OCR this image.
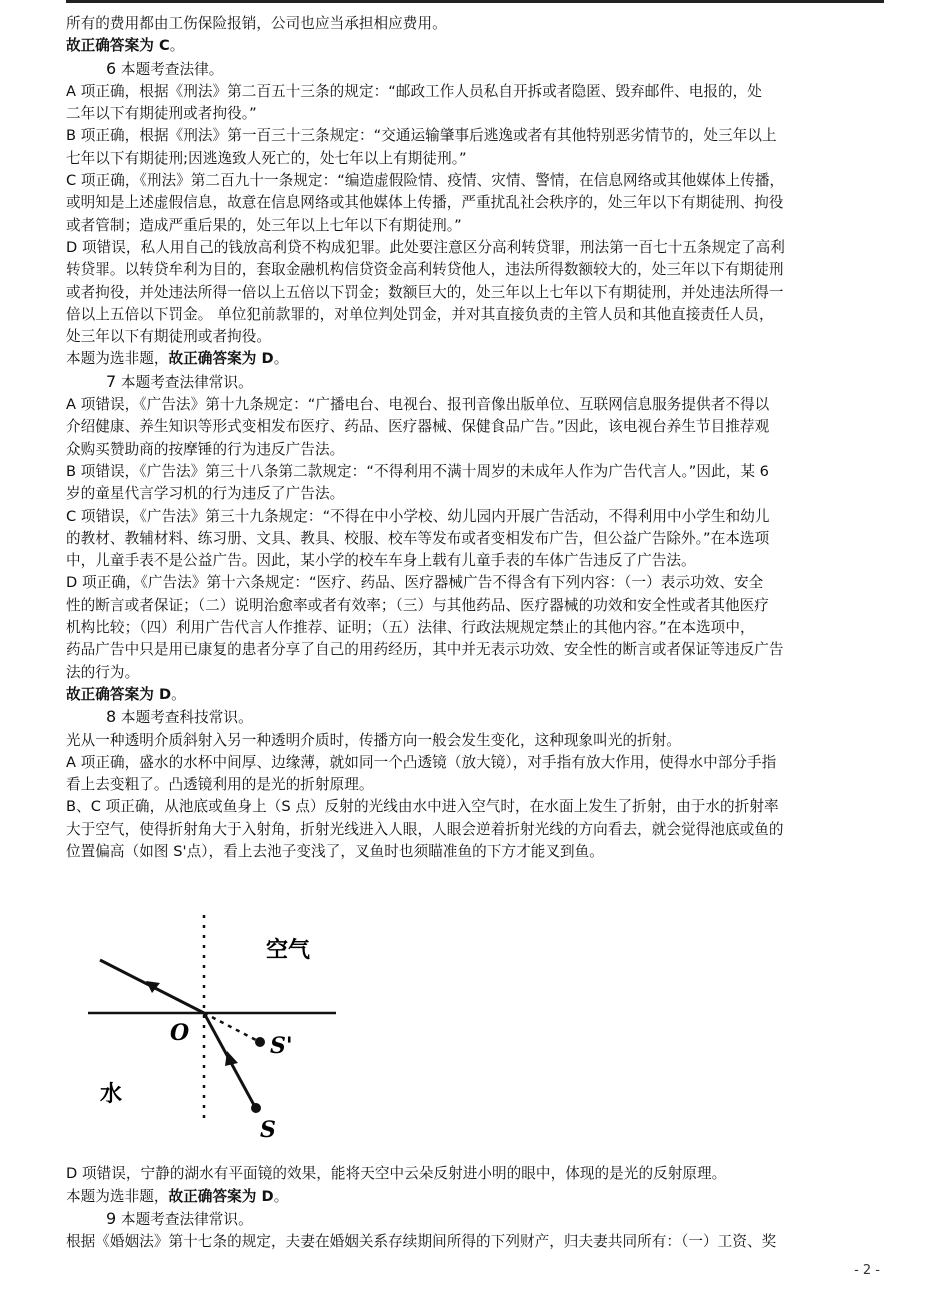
所有的费用都由工伤保险报销，公司也应当承担相应费用。

故正确答案为 C。

6 本题考查法律。

A 项正确，根据《刑法》第二百五十三条的规定：“邮政工作人员私自开拆或者隐匿、毁弃邮件、电报的，处

二年以下有期徒刑或者拘役。”

B 项正确，根据《刑法》第一百三十三条规定：“交通运输肇事后逃逸或者有其他特别恶劣情节的，处三年以上

七年以下有期徒刑;因逃逸致人死亡的，处七年以上有期徒刑。”

C 项正确，《刑法》第二百九十一条规定：“编造虚假险情、疫情、灾情、警情，在信息网络或其他媒体上传播，

或明知是上述虚假信息，故意在信息网络或其他媒体上传播，严重扰乱社会秩序的，处三年以下有期徒刑、拘役

或者管制；造成严重后果的，处三年以上七年以下有期徒刑。”

D 项错误，私人用自己的钱放高利贷不构成犯罪。此处要注意区分高利转贷罪，刑法第一百七十五条规定了高利

转贷罪。以转贷牟利为目的，套取金融机构信贷资金高利转贷他人，违法所得数额较大的，处三年以下有期徒刑

或者拘役，并处违法所得一倍以上五倍以下罚金；数额巨大的，处三年以上七年以下有期徒刑，并处违法所得一

倍以上五倍以下罚金。 单位犯前款罪的，对单位判处罚金，并对其直接负责的主管人员和其他直接责任人员，

处三年以下有期徒刑或者拘役。

本题为选非题，故正确答案为 D。

7 本题考查法律常识。

A 项错误，《广告法》第十九条规定：“广播电台、电视台、报刊音像出版单位、互联网信息服务提供者不得以

介绍健康、养生知识等形式变相发布医疗、药品、医疗器械、保健食品广告。”因此，该电视台养生节目推荐观

众购买赞助商的按摩锤的行为违反广告法。

B 项错误，《广告法》第三十八条第二款规定：“不得利用不满十周岁的未成年人作为广告代言人。”因此，某 6

岁的童星代言学习机的行为违反了广告法。

C 项错误，《广告法》第三十九条规定：“不得在中小学校、幼儿园内开展广告活动，不得利用中小学生和幼儿

的教材、教辅材料、练习册、文具、教具、校服、校车等发布或者变相发布广告，但公益广告除外。”在本选项

中，儿童手表不是公益广告。因此，某小学的校车车身上载有儿童手表的车体广告违反了广告法。

D 项正确，《广告法》第十六条规定：“医疗、药品、医疗器械广告不得含有下列内容：（一）表示功效、安全

性的断言或者保证；（二）说明治愈率或者有效率；（三）与其他药品、医疗器械的功效和安全性或者其他医疗

机构比较；（四）利用广告代言人作推荐、证明；（五）法律、行政法规规定禁止的其他内容。”在本选项中，

药品广告中只是用已康复的患者分享了自己的用药经历，其中并无表示功效、安全性的断言或者保证等违反广告

法的行为。

故正确答案为 D。

8 本题考查科技常识。

光从一种透明介质斜射入另一种透明介质时，传播方向一般会发生变化，这种现象叫光的折射。

A 项正确，盛水的水杯中间厚、边缘薄，就如同一个凸透镜（放大镜），对手指有放大作用，使得水中部分手指

看上去变粗了。凸透镜利用的是光的折射原理。

B、C 项正确，从池底或鱼身上（S 点）反射的光线由水中进入空气时，在水面上发生了折射，由于水的折射率

大于空气，使得折射角大于入射角，折射光线进入人眼，人眼会逆着折射光线的方向看去，就会觉得池底或鱼的

位置偏高（如图 S'点），看上去池子变浅了，叉鱼时也须瞄准鱼的下方才能叉到鱼。

空气
O	S'
水
S

D 项错误，宁静的湖水有平面镜的效果，能将天空中云朵反射进小明的眼中，体现的是光的反射原理。

本题为选非题，故正确答案为 D。

9 本题考查法律常识。

根据《婚姻法》第十七条的规定，夫妻在婚姻关系存续期间所得的下列财产，归夫妻共同所有：（一）工资、奖

- 2 -
